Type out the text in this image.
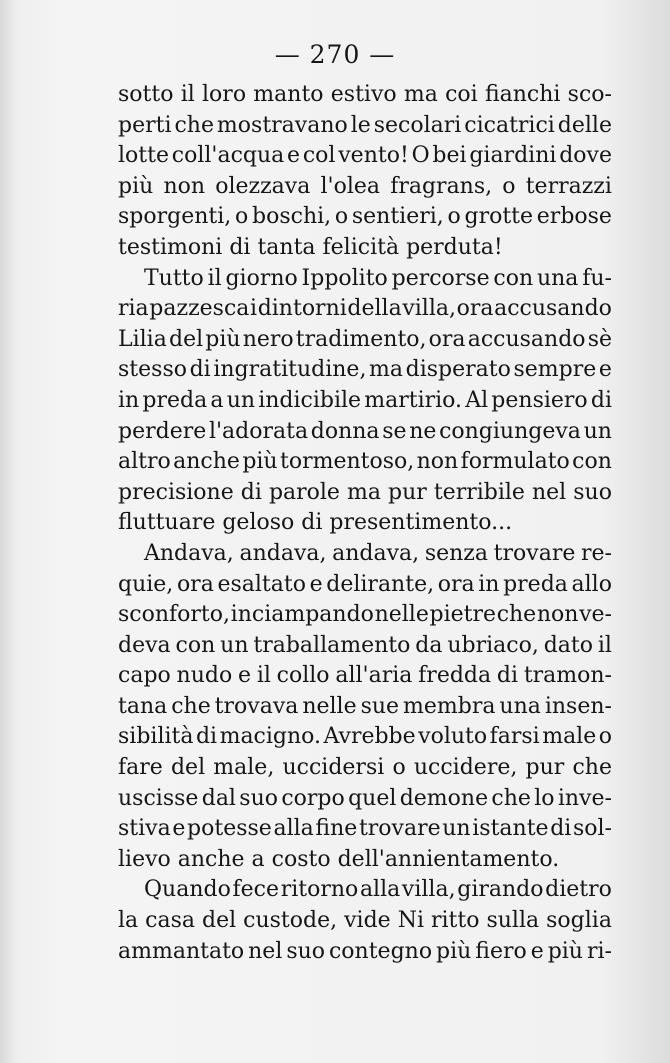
— 270 —
sotto il loro manto estivo ma coi fianchi sco-
perti che mostravano le secolari cicatrici delle
lotte coll'acqua e col vento! O bei giardini dove
più non olezzava l'olea fragrans, o terrazzi
sporgenti, o boschi, o sentieri, o grotte erbose
testimoni di tanta felicità perduta!
Tutto il giorno Ippolito percorse con una fu-
ria pazzesca i dintorni della villa, ora accusando
Lilia del più nero tradimento, ora accusando sè
stesso di ingratitudine, ma disperato sempre e
in preda a un indicibile martirio. Al pensiero di
perdere l'adorata donna se ne congiungeva un
altro anche più tormentoso, non formulato con
precisione di parole ma pur terribile nel suo
fluttuare geloso di presentimento...
Andava, andava, andava, senza trovare re-
quie, ora esaltato e delirante, ora in preda allo
sconforto, inciampando nelle pietre che non ve-
deva con un traballamento da ubriaco, dato il
capo nudo e il collo all'aria fredda di tramon-
tana che trovava nelle sue membra una insen-
sibilità di macigno. Avrebbe voluto farsi male o
fare del male, uccidersi o uccidere, pur che
uscisse dal suo corpo quel demone che lo inve-
stiva e potesse alla fine trovare un istante di sol-
lievo anche a costo dell'annientamento.
Quando fece ritorno alla villa, girando dietro
la casa del custode, vide Ni ritto sulla soglia
ammantato nel suo contegno più fiero e più ri-
